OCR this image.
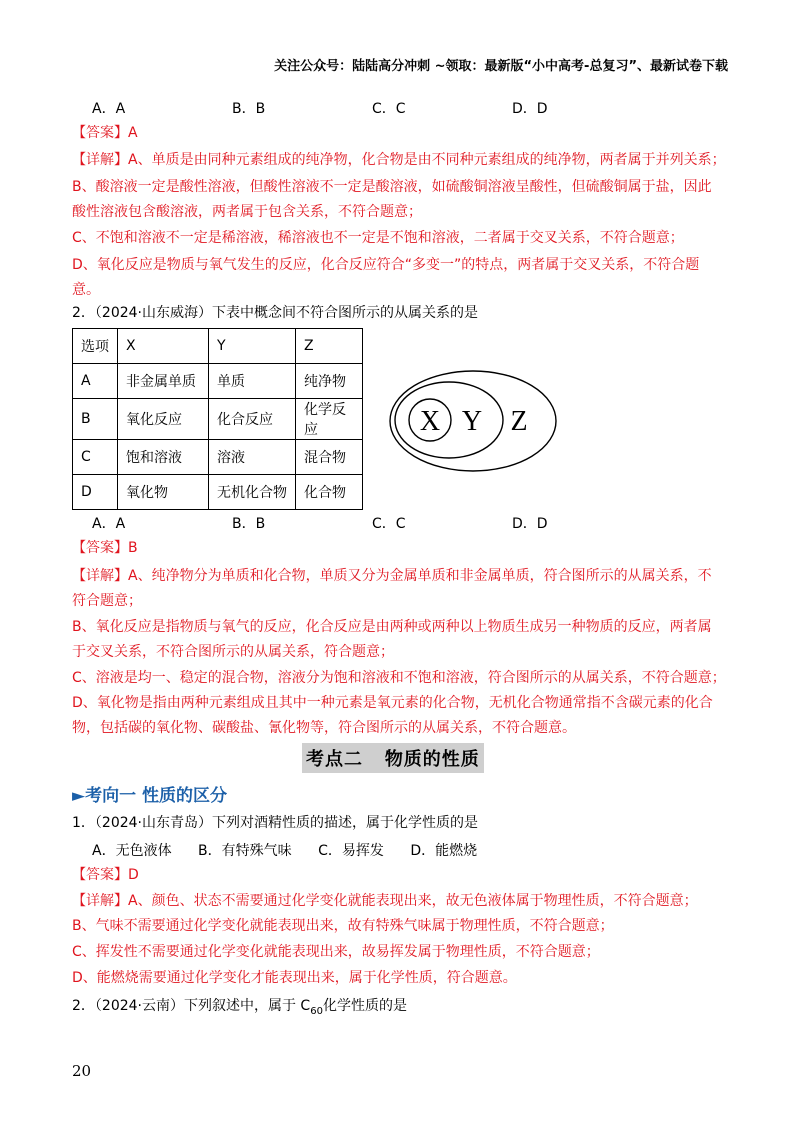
关注公众号：陆陆高分冲刺 ~领取：最新版“小中高考-总复习”、最新试卷下载
A．A	B．B	C．C	D．D
【答案】A
【详解】A、单质是由同种元素组成的纯净物，化合物是由不同种元素组成的纯净物，两者属于并列关系；
B、酸溶液一定是酸性溶液，但酸性溶液不一定是酸溶液，如硫酸铜溶液呈酸性，但硫酸铜属于盐，因此
酸性溶液包含酸溶液，两者属于包含关系，不符合题意；
C、不饱和溶液不一定是稀溶液，稀溶液也不一定是不饱和溶液，二者属于交叉关系，不符合题意；
D、氧化反应是物质与氧气发生的反应，化合反应符合“多变一”的特点，两者属于交叉关系，不符合题
意。
2．（2024·山东威海）下表中概念间不符合图所示的从属关系的是
选项	X	Y	Z
A	非金属单质	单质	纯净物
B	氧化反应	化合反应	化学反应
C	饱和溶液	溶液	混合物
D	氧化物	无机化合物	化合物
X Y Z
A．A	B．B	C．C	D．D
【答案】B
【详解】A、纯净物分为单质和化合物，单质又分为金属单质和非金属单质，符合图所示的从属关系，不
符合题意；
B、氧化反应是指物质与氧气的反应，化合反应是由两种或两种以上物质生成另一种物质的反应，两者属
于交叉关系，不符合图所示的从属关系，符合题意；
C、溶液是均一、稳定的混合物，溶液分为饱和溶液和不饱和溶液，符合图所示的从属关系，不符合题意；
D、氧化物是指由两种元素组成且其中一种元素是氧元素的化合物，无机化合物通常指不含碳元素的化合
物，包括碳的氧化物、碳酸盐、氰化物等，符合图所示的从属关系，不符合题意。
考点二 物质的性质
►考向一 性质的区分
1．（2024·山东青岛）下列对酒精性质的描述，属于化学性质的是
A．无色液体 B．有特殊气味 C．易挥发 D．能燃烧
【答案】D
【详解】A、颜色、状态不需要通过化学变化就能表现出来，故无色液体属于物理性质，不符合题意；
B、气味不需要通过化学变化就能表现出来，故有特殊气味属于物理性质，不符合题意；
C、挥发性不需要通过化学变化就能表现出来，故易挥发属于物理性质，不符合题意；
D、能燃烧需要通过化学变化才能表现出来，属于化学性质，符合题意。
2．（2024·云南）下列叙述中，属于 $C_{60}$化学性质的是
20
